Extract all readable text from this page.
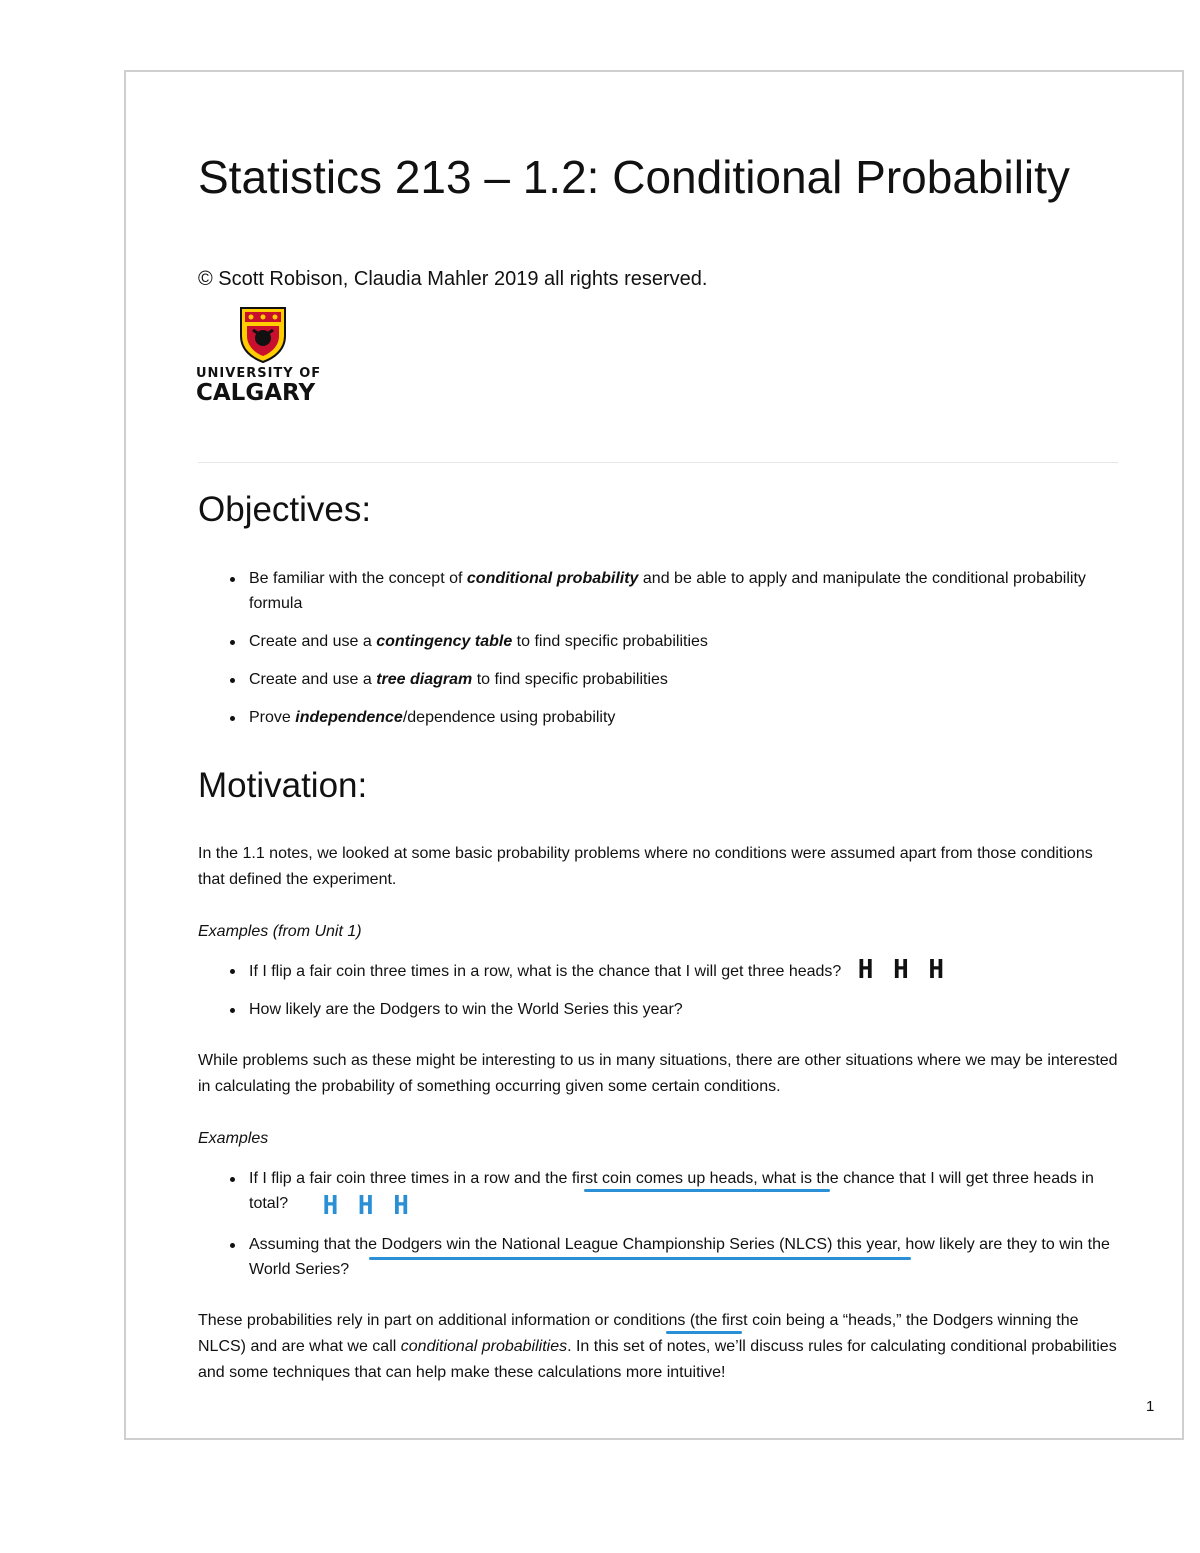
Statistics 213 – 1.2: Conditional Probability
© Scott Robison, Claudia Mahler 2019 all rights reserved.
UNIVERSITY OF
CALGARY
Objectives:
Be familiar with the concept of conditional probability and be able to apply and manipulate the conditional probability formula
Create and use a contingency table to find specific probabilities
Create and use a tree diagram to find specific probabilities
Prove independence/dependence using probability
Motivation:

In the 1.1 notes, we looked at some basic probability problems where no conditions were assumed apart from those conditions that defined the experiment.

Examples (from Unit 1)

If I flip a fair coin three times in a row, what is the chance that I will get three heads? H H H
How likely are the Dodgers to win the World Series this year?

While problems such as these might be interesting to us in many situations, there are other situations where we may be interested in calculating the probability of something occurring given some certain conditions.

Examples

If I flip a fair coin three times in a row and the first coin comes up heads, what is the chance that I will get three heads in total? H H H
Assuming that the Dodgers win the National League Championship Series (NLCS) this year, how likely are they to win the World Series?

These probabilities rely in part on additional information or conditions (the first coin being a “heads,” the Dodgers winning the NLCS) and are what we call conditional probabilities. In this set of notes, we’ll discuss rules for calculating conditional probabilities and some techniques that can help make these calculations more intuitive!

1
